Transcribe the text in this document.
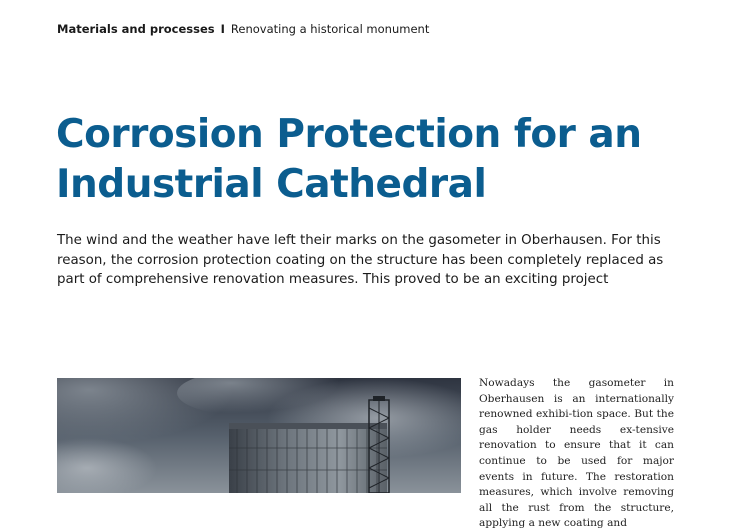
Materials and processes I Renovating a historical monument
Corrosion Protection for an Industrial Cathedral

The wind and the weather have left their marks on the gasometer in Oberhausen. For this reason, the corrosion protection coating on the structure has been completely replaced as part of comprehensive renovation measures. This proved to be an exciting project

Nowadays the gasometer in Oberhausen is an internationally renowned exhibi-tion space. But the gas holder needs ex-tensive renovation to ensure that it can continue to be used for major events in future. The restoration measures, which involve removing all the rust from the structure, applying a new coating and
